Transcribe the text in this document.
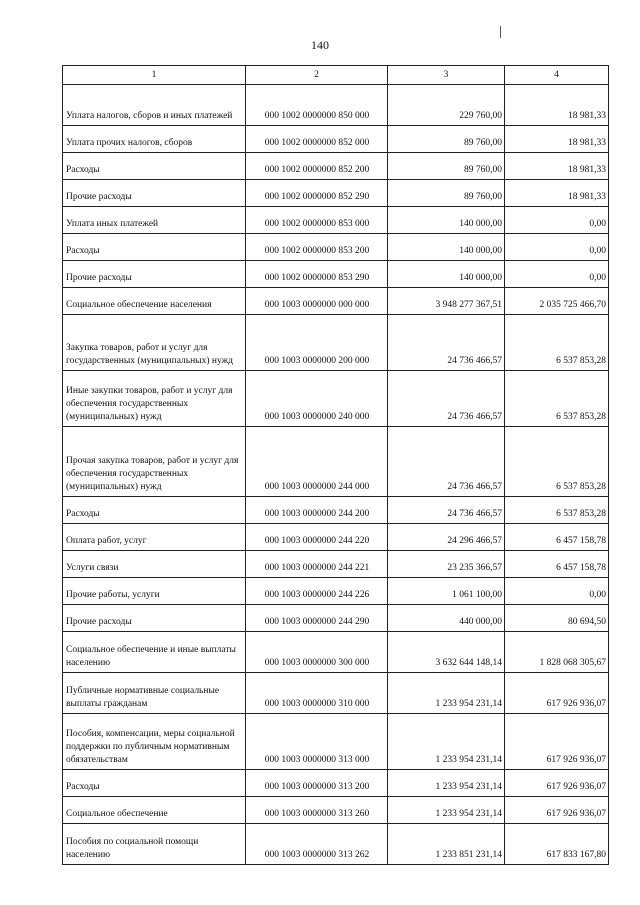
140
1	2	3	4
Уплата налогов, сборов и иных платежей	000 1002 0000000 850 000	229 760,00	18 981,33
Уплата прочих налогов, сборов	000 1002 0000000 852 000	89 760,00	18 981,33
Расходы	000 1002 0000000 852 200	89 760,00	18 981,33
Прочие расходы	000 1002 0000000 852 290	89 760,00	18 981,33
Уплата иных платежей	000 1002 0000000 853 000	140 000,00	0,00
Расходы	000 1002 0000000 853 200	140 000,00	0,00
Прочие расходы	000 1002 0000000 853 290	140 000,00	0,00
Социальное обеспечение населения	000 1003 0000000 000 000	3 948 277 367,51	2 035 725 466,70
Закупка товаров, работ и услуг для государственных (муниципальных) нужд	000 1003 0000000 200 000	24 736 466,57	6 537 853,28
Иные закупки товаров, работ и услуг для обеспечения государственных (муниципальных) нужд	000 1003 0000000 240 000	24 736 466,57	6 537 853,28
Прочая закупка товаров, работ и услуг для обеспечения государственных (муниципальных) нужд	000 1003 0000000 244 000	24 736 466,57	6 537 853,28
Расходы	000 1003 0000000 244 200	24 736 466,57	6 537 853,28
Оплата работ, услуг	000 1003 0000000 244 220	24 296 466,57	6 457 158,78
Услуги связи	000 1003 0000000 244 221	23 235 366,57	6 457 158,78
Прочие работы, услуги	000 1003 0000000 244 226	1 061 100,00	0,00
Прочие расходы	000 1003 0000000 244 290	440 000,00	80 694,50
Социальное обеспечение и иные выплаты населению	000 1003 0000000 300 000	3 632 644 148,14	1 828 068 305,67
Публичные нормативные социальные выплаты гражданам	000 1003 0000000 310 000	1 233 954 231,14	617 926 936,07
Пособия, компенсации, меры социальной поддержки по публичным нормативным обязательствам	000 1003 0000000 313 000	1 233 954 231,14	617 926 936,07
Расходы	000 1003 0000000 313 200	1 233 954 231,14	617 926 936,07
Социальное обеспечение	000 1003 0000000 313 260	1 233 954 231,14	617 926 936,07
Пособия по социальной помощи населению	000 1003 0000000 313 262	1 233 851 231,14	617 833 167,80
